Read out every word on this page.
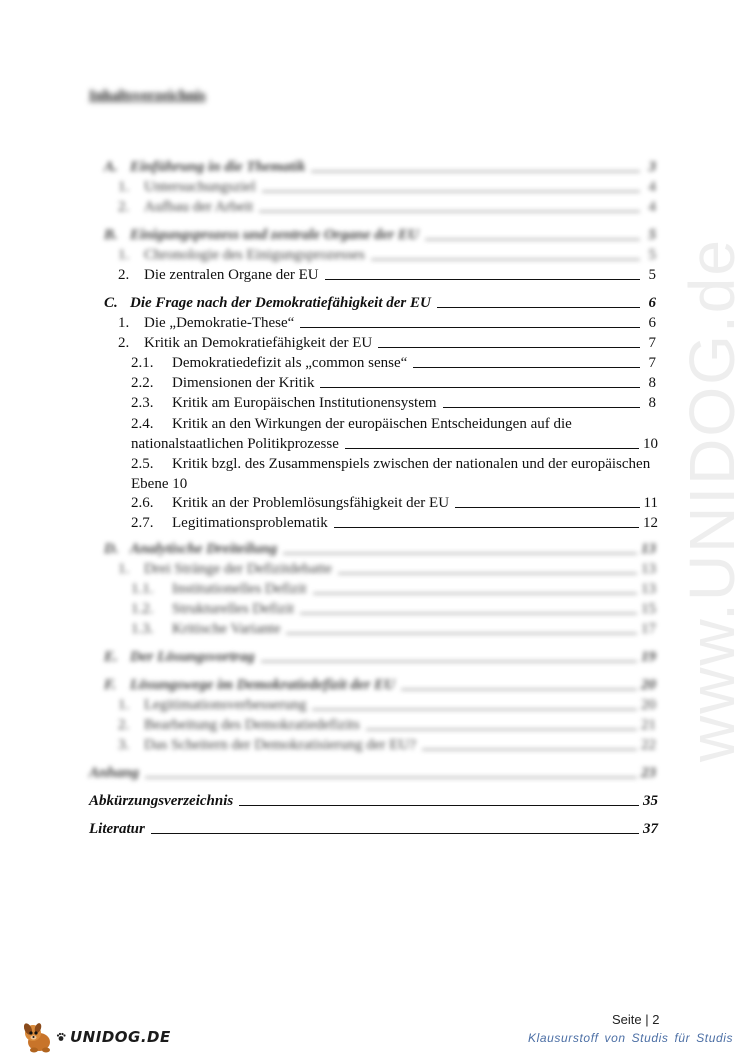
www.UNIDOG.de
Inhaltsverzeichnis
A. Einführung in die Thematik	3
1. Untersuchungsziel	4
2. Aufbau der Arbeit	4
B. Einigungsprozess und zentrale Organe der EU	5
1. Chronologie des Einigungsprozesses	5
2. Die zentralen Organe der EU	5
C. Die Frage nach der Demokratiefähigkeit der EU	6
1. Die „Demokratie-These“	6
2. Kritik an Demokratiefähigkeit der EU	7
2.1.	Demokratiedefizit als „common sense“	7
2.2.	Dimensionen der Kritik	8
2.3.	Kritik am Europäischen Institutionensystem	8
2.4.	Kritik an den Wirkungen der europäischen Entscheidungen auf die
nationalstaatlichen Politikprozesse	10
2.5.	Kritik bzgl. des Zusammenspiels zwischen der nationalen und der europäischen
Ebene 10
2.6.	Kritik an der Problemlösungsfähigkeit der EU	11
2.7.	Legitimationsproblematik	12
D. Analytische Dreiteilung	13
1. Drei Stränge der Defizitdebatte	13
1.1.	Institutionelles Defizit	13
1.2.	Strukturelles Defizit	15
1.3.	Kritische Variante	17
E. Der Lösungsvortrag	19
F. Lösungswege im Demokratiedefizit der EU	20
1. Legitimationsverbesserung	20
2. Bearbeitung des Demokratiedefizits	21
3. Das Scheitern der Demokratisierung der EU?	22
Anhang	23
Abkürzungsverzeichnis	35
Literatur	37
Seite | 2
UNIDOG.DE	Klausurstoff von Studis für Studis
